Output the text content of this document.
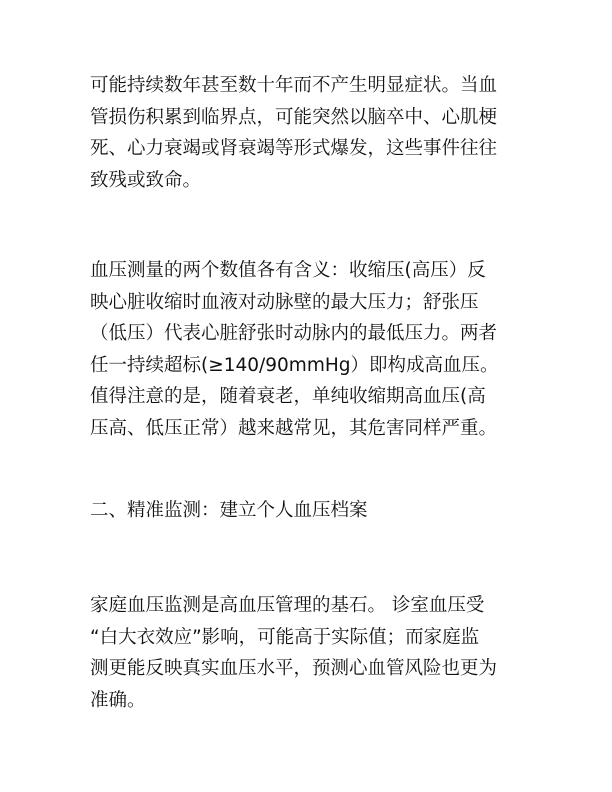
可能持续数年甚至数十年而不产生明显症状。当血
管损伤积累到临界点，可能突然以脑卒中、心肌梗
死、心力衰竭或肾衰竭等形式爆发，这些事件往往
致残或致命。

血压测量的两个数值各有含义：收缩压(高压）反
映心脏收缩时血液对动脉壁的最大压力；舒张压
（低压）代表心脏舒张时动脉内的最低压力。两者
任一持续超标(≥140/90mmHg）即构成高血压。
值得注意的是，随着衰老，单纯收缩期高血压(高
压高、低压正常）越来越常见，其危害同样严重。

二、精准监测：建立个人血压档案

家庭血压监测是高血压管理的基石。 诊室血压受
“白大衣效应”影响，可能高于实际值；而家庭监
测更能反映真实血压水平，预测心血管风险也更为
准确。
